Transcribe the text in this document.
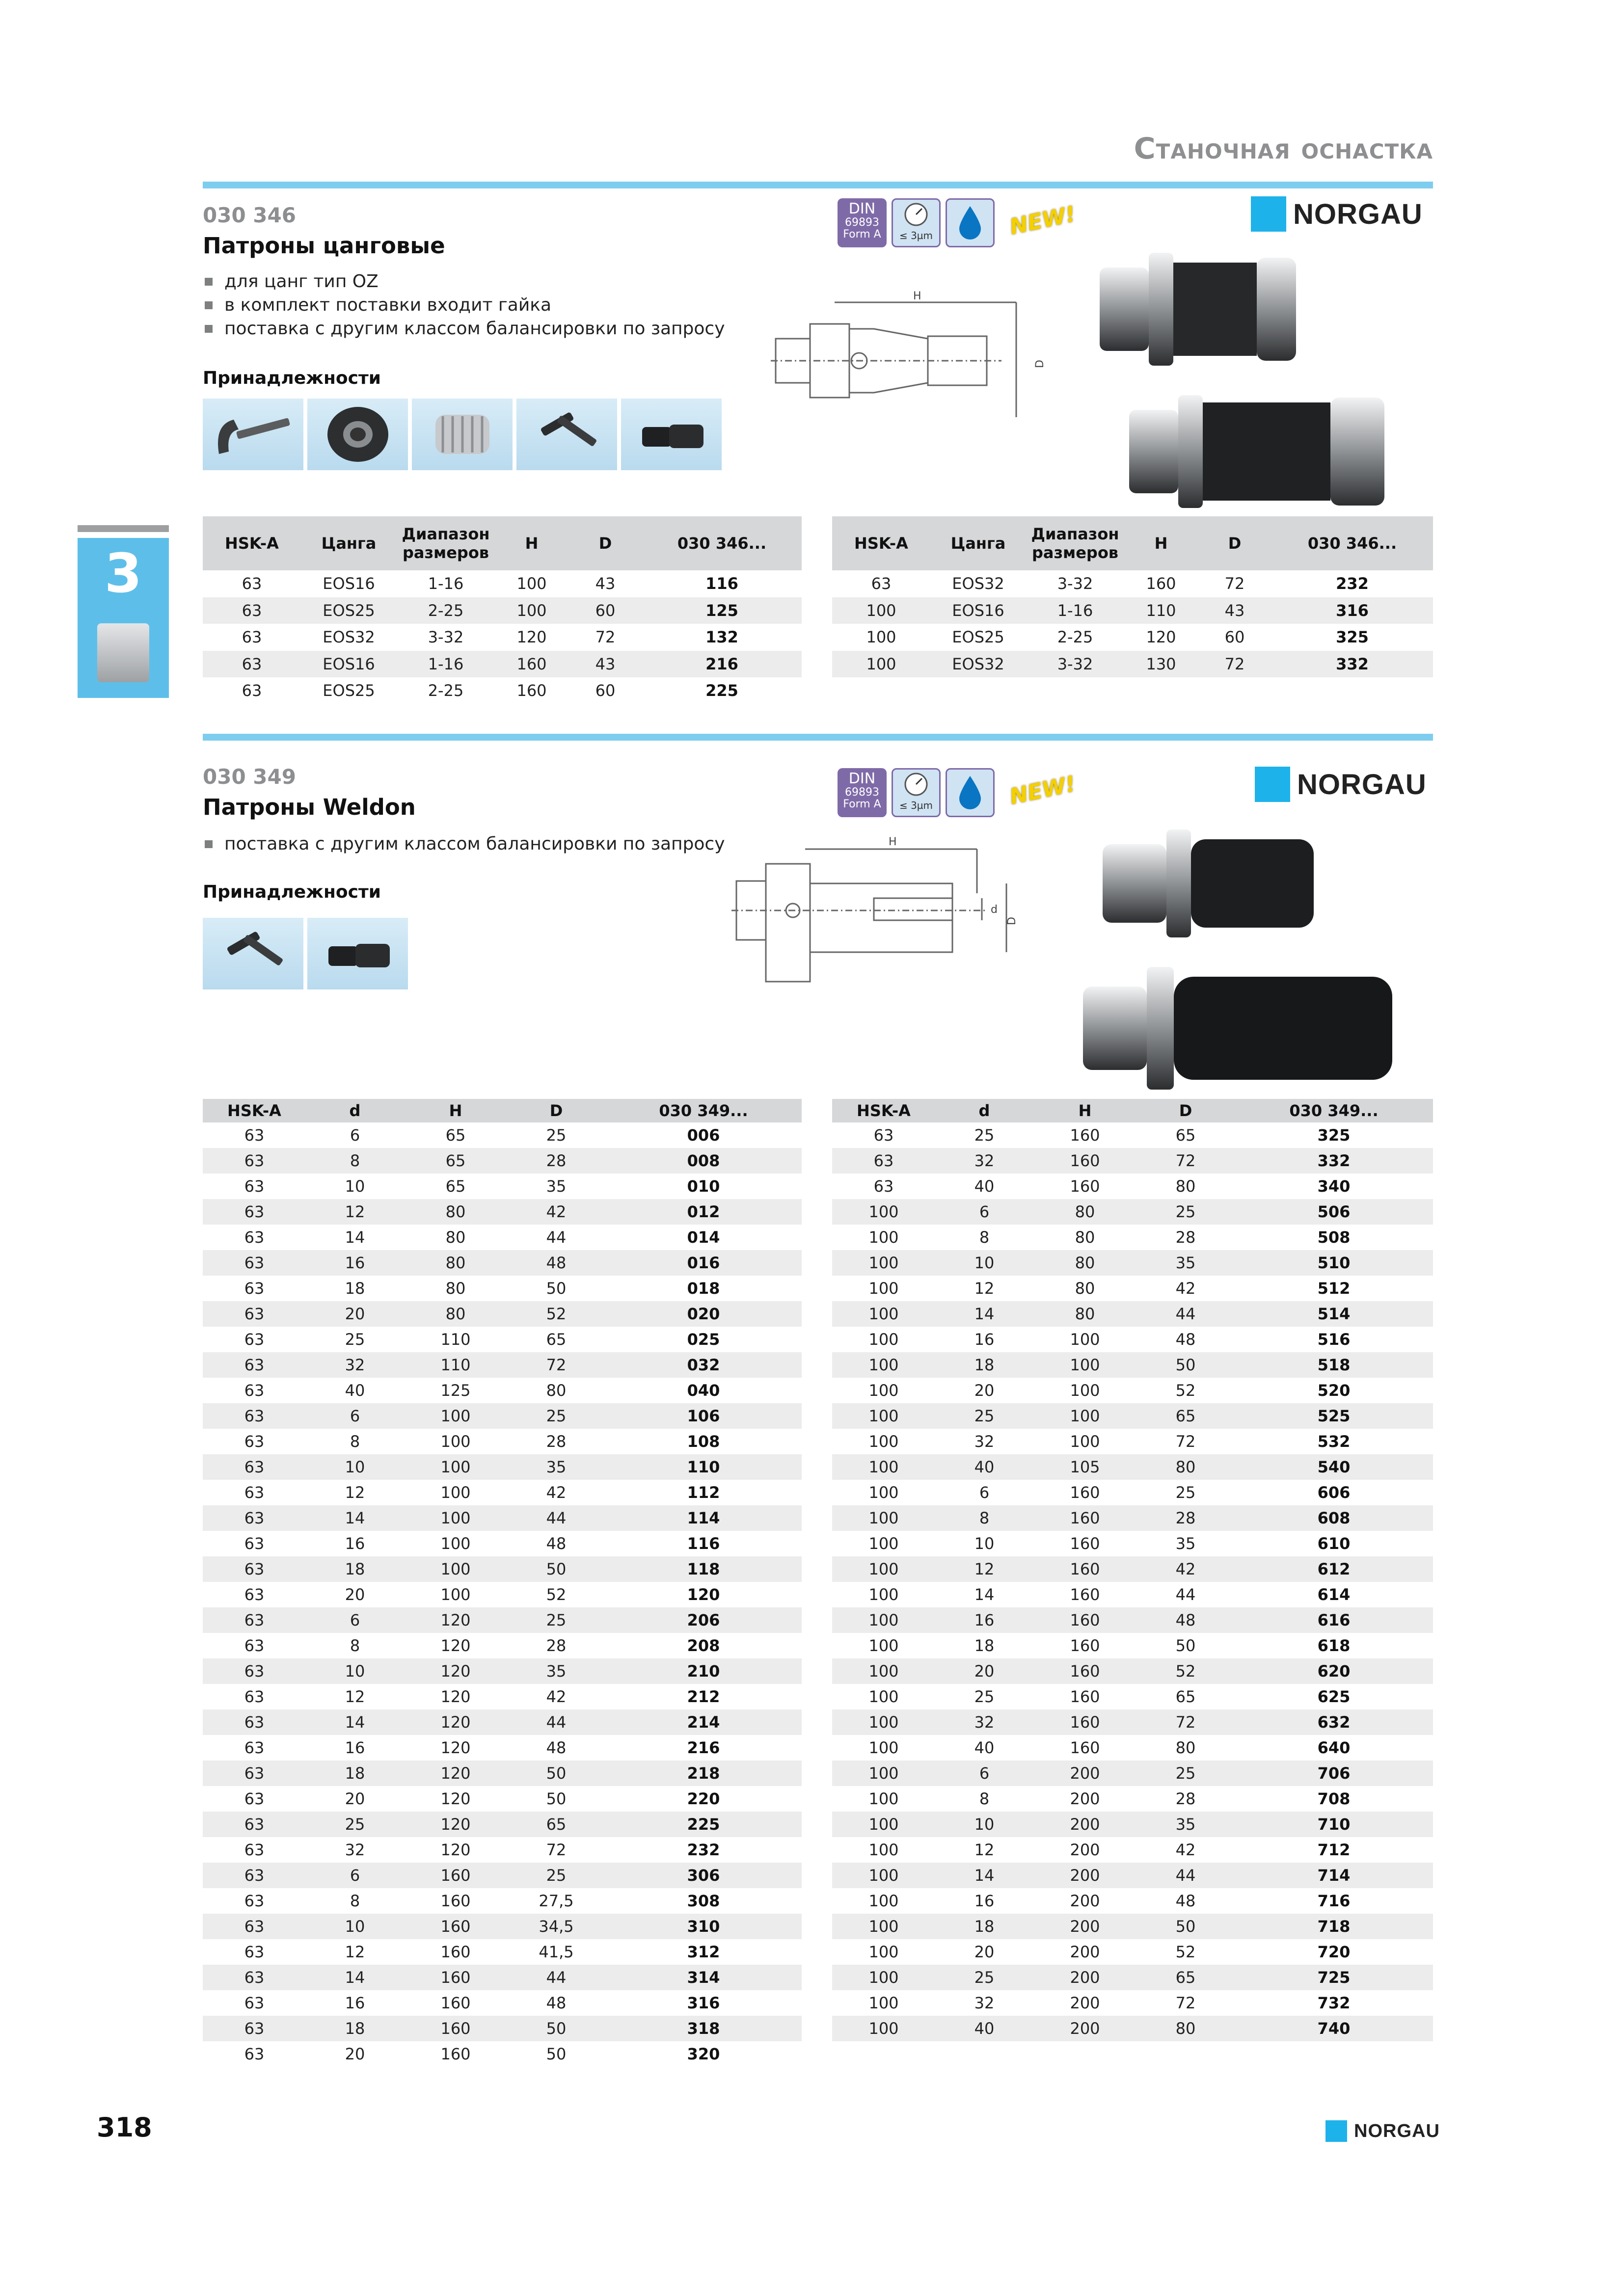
Станочная оснастка
3
030 346
Патроны цанговые
для цанг тип OZ
в комплект поставки входит гайка
поставка с другим классом балансировки по запросу
Принадлежности
DIN
69893
Form A	≤ 3µm	NEW!	NORGAU
H
D
HSK-A	Цанга	Диапазон
размеров	H	D	030 346...
63	EOS16	1-16	100	43	116
63	EOS25	2-25	100	60	125
63	EOS32	3-32	120	72	132
63	EOS16	1-16	160	43	216
63	EOS25	2-25	160	60	225
HSK-A	Цанга	Диапазон
размеров	H	D	030 346...
63	EOS32	3-32	160	72	232
100	EOS16	1-16	110	43	316
100	EOS25	2-25	120	60	325
100	EOS32	3-32	130	72	332
030 349
Патроны Weldon
поставка с другим классом балансировки по запросу
Принадлежности
DIN
69893
Form A	≤ 3µm	NEW!	NORGAU
H
d
D
HSK-A	d	H	D	030 349...
63	6	65	25	006
63	8	65	28	008
63	10	65	35	010
63	12	80	42	012
63	14	80	44	014
63	16	80	48	016
63	18	80	50	018
63	20	80	52	020
63	25	110	65	025
63	32	110	72	032
63	40	125	80	040
63	6	100	25	106
63	8	100	28	108
63	10	100	35	110
63	12	100	42	112
63	14	100	44	114
63	16	100	48	116
63	18	100	50	118
63	20	100	52	120
63	6	120	25	206
63	8	120	28	208
63	10	120	35	210
63	12	120	42	212
63	14	120	44	214
63	16	120	48	216
63	18	120	50	218
63	20	120	50	220
63	25	120	65	225
63	32	120	72	232
63	6	160	25	306
63	8	160	27,5	308
63	10	160	34,5	310
63	12	160	41,5	312
63	14	160	44	314
63	16	160	48	316
63	18	160	50	318
63	20	160	50	320
HSK-A	d	H	D	030 349...
63	25	160	65	325
63	32	160	72	332
63	40	160	80	340
100	6	80	25	506
100	8	80	28	508
100	10	80	35	510
100	12	80	42	512
100	14	80	44	514
100	16	100	48	516
100	18	100	50	518
100	20	100	52	520
100	25	100	65	525
100	32	100	72	532
100	40	105	80	540
100	6	160	25	606
100	8	160	28	608
100	10	160	35	610
100	12	160	42	612
100	14	160	44	614
100	16	160	48	616
100	18	160	50	618
100	20	160	52	620
100	25	160	65	625
100	32	160	72	632
100	40	160	80	640
100	6	200	25	706
100	8	200	28	708
100	10	200	35	710
100	12	200	42	712
100	14	200	44	714
100	16	200	48	716
100	18	200	50	718
100	20	200	52	720
100	25	200	65	725
100	32	200	72	732
100	40	200	80	740
318	NORGAU
